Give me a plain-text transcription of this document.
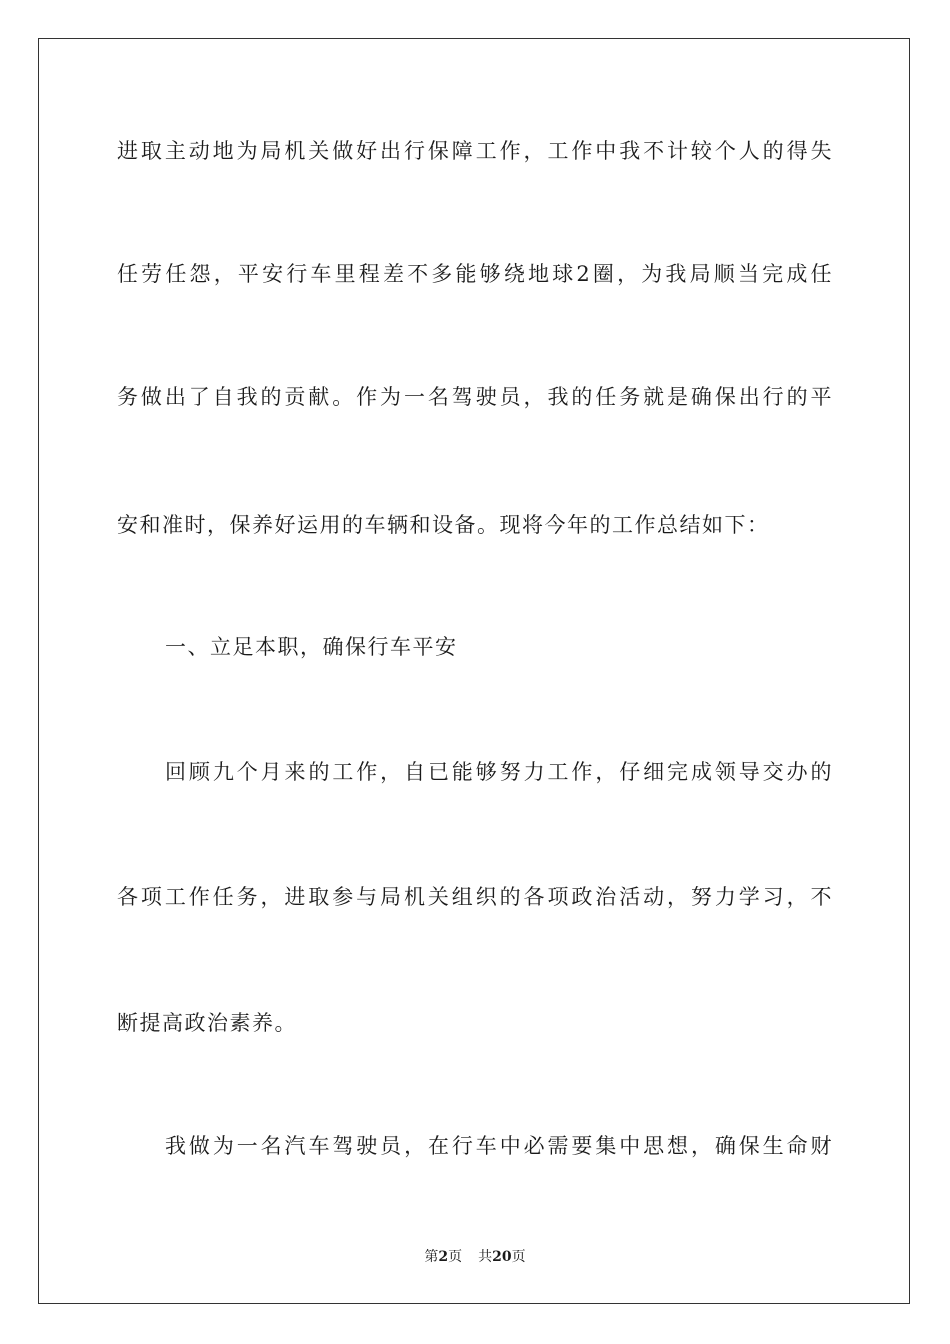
进取主动地为局机关做好出行保障工作，工作中我不计较个人的得失
任劳任怨，平安行车里程差不多能够绕地球2圈，为我局顺当完成任
务做出了自我的贡献。作为一名驾驶员，我的任务就是确保出行的平
安和准时，保养好运用的车辆和设备。现将今年的工作总结如下：
一、立足本职，确保行车平安
回顾九个月来的工作，自已能够努力工作，仔细完成领导交办的
各项工作任务，进取参与局机关组织的各项政治活动，努力学习，不
断提高政治素养。
我做为一名汽车驾驶员，在行车中必需要集中思想，确保生命财
第2页 共20页
